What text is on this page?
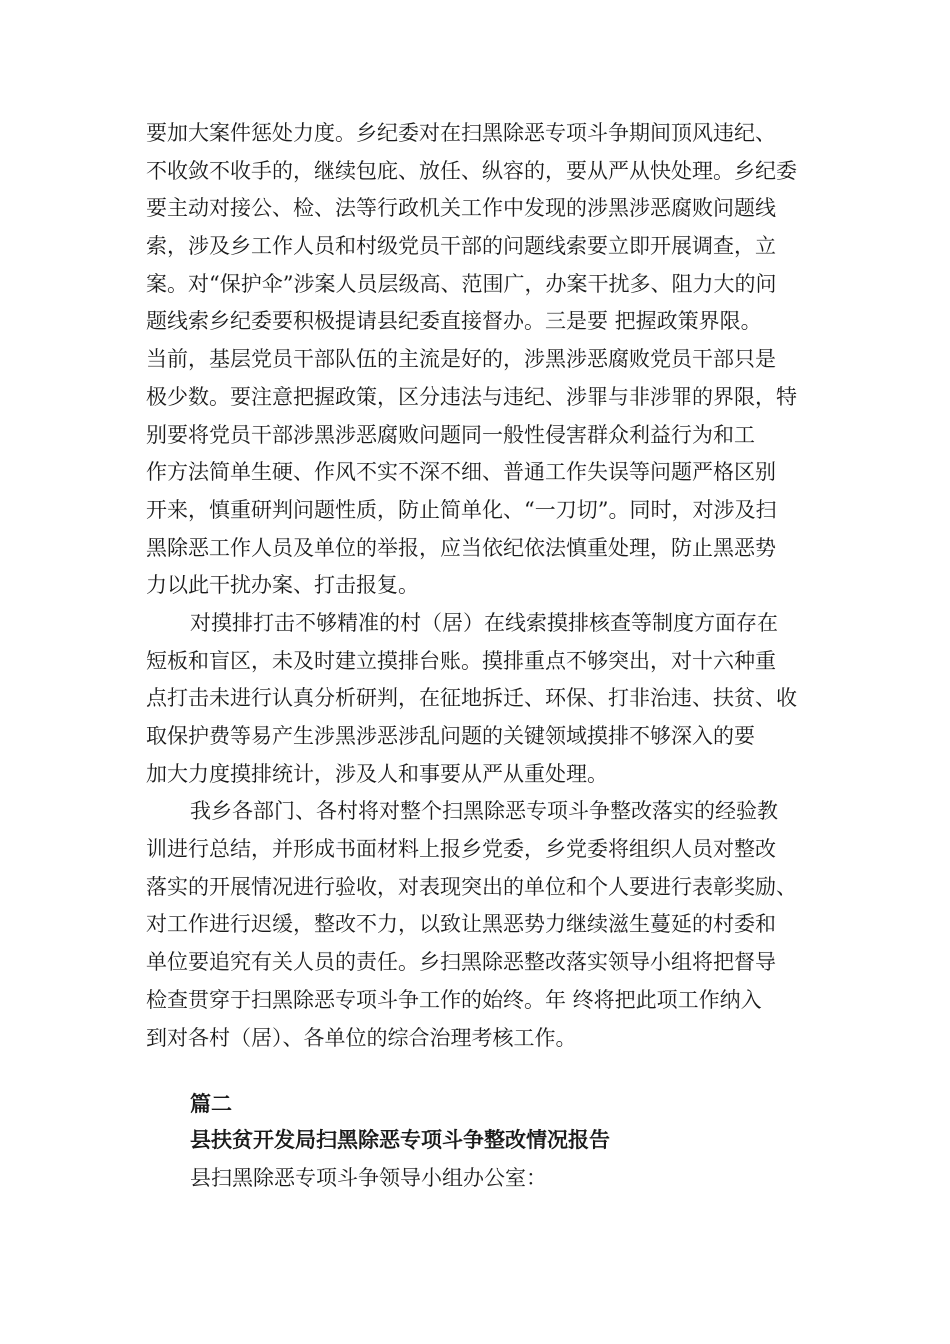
要加大案件惩处力度。乡纪委对在扫黑除恶专项斗争期间顶风违纪、
不收敛不收手的，继续包庇、放任、纵容的，要从严从快处理。乡纪委
要主动对接公、检、法等行政机关工作中发现的涉黑涉恶腐败问题线
索，涉及乡工作人员和村级党员干部的问题线索要立即开展调查，立
案。对“保护伞”涉案人员层级高、范围广，办案干扰多、阻力大的问
题线索乡纪委要积极提请县纪委直接督办。三是要 把握政策界限。
当前，基层党员干部队伍的主流是好的，涉黑涉恶腐败党员干部只是
极少数。要注意把握政策，区分违法与违纪、涉罪与非涉罪的界限，特
别要将党员干部涉黑涉恶腐败问题同一般性侵害群众利益行为和工
作方法简单生硬、作风不实不深不细、普通工作失误等问题严格区别
开来，慎重研判问题性质，防止简单化、“一刀切”。同时，对涉及扫
黑除恶工作人员及单位的举报，应当依纪依法慎重处理，防止黑恶势
力以此干扰办案、打击报复。
对摸排打击不够精准的村（居）在线索摸排核查等制度方面存在
短板和盲区，未及时建立摸排台账。摸排重点不够突出，对十六种重
点打击未进行认真分析研判，在征地拆迁、环保、打非治违、扶贫、收
取保护费等易产生涉黑涉恶涉乱问题的关键领域摸排不够深入的要
加大力度摸排统计，涉及人和事要从严从重处理。
我乡各部门、各村将对整个扫黑除恶专项斗争整改落实的经验教
训进行总结，并形成书面材料上报乡党委，乡党委将组织人员对整改
落实的开展情况进行验收，对表现突出的单位和个人要进行表彰奖励、
对工作进行迟缓，整改不力，以致让黑恶势力继续滋生蔓延的村委和
单位要追究有关人员的责任。乡扫黑除恶整改落实领导小组将把督导
检查贯穿于扫黑除恶专项斗争工作的始终。年 终将把此项工作纳入
到对各村（居）、各单位的综合治理考核工作。
篇二
县扶贫开发局扫黑除恶专项斗争整改情况报告
县扫黑除恶专项斗争领导小组办公室：
